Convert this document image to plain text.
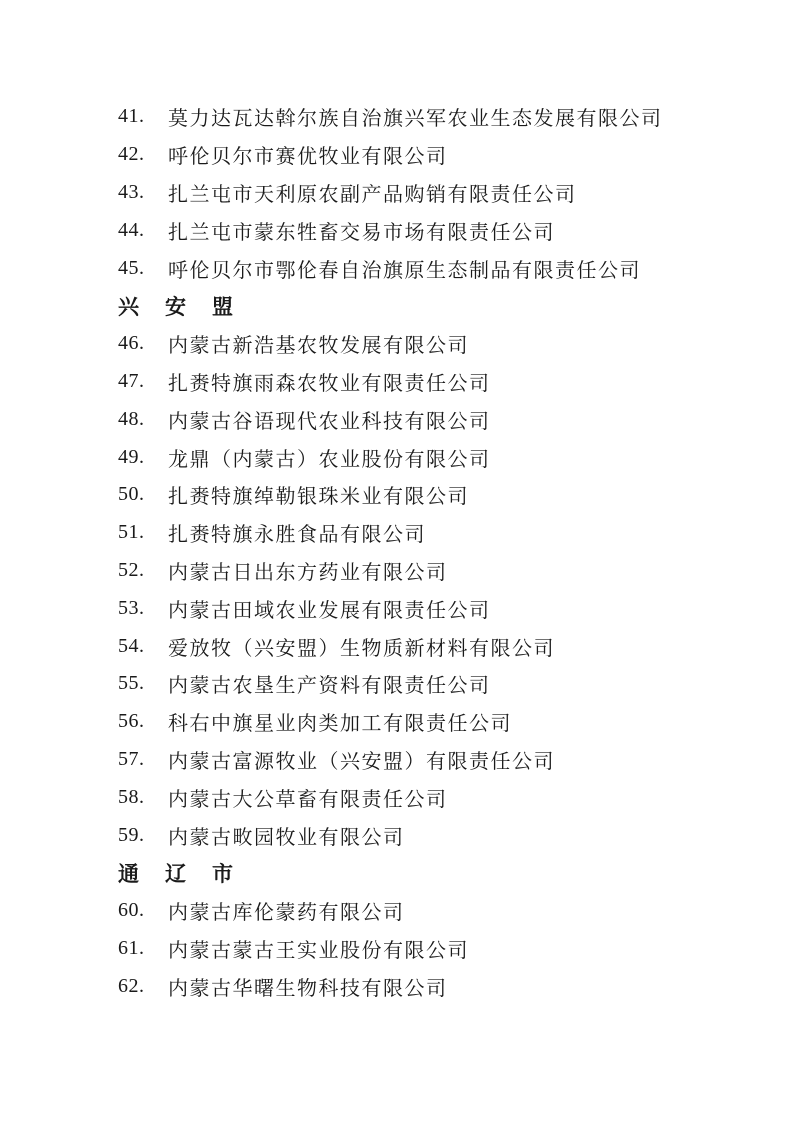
41.	莫力达瓦达斡尔族自治旗兴军农业生态发展有限公司
42.	呼伦贝尔市赛优牧业有限公司
43.	扎兰屯市天利原农副产品购销有限责任公司
44.	扎兰屯市蒙东牲畜交易市场有限责任公司
45.	呼伦贝尔市鄂伦春自治旗原生态制品有限责任公司
兴安盟
46.	内蒙古新浩基农牧发展有限公司
47.	扎赉特旗雨森农牧业有限责任公司
48.	内蒙古谷语现代农业科技有限公司
49.	龙鼎（内蒙古）农业股份有限公司
50.	扎赉特旗绰勒银珠米业有限公司
51.	扎赉特旗永胜食品有限公司
52.	内蒙古日出东方药业有限公司
53.	内蒙古田域农业发展有限责任公司
54.	爱放牧（兴安盟）生物质新材料有限公司
55.	内蒙古农垦生产资料有限责任公司
56.	科右中旗星业肉类加工有限责任公司
57.	内蒙古富源牧业（兴安盟）有限责任公司
58.	内蒙古大公草畜有限责任公司
59.	内蒙古畋园牧业有限公司
通辽市
60.	内蒙古库伦蒙药有限公司
61.	内蒙古蒙古王实业股份有限公司
62.	内蒙古华曙生物科技有限公司
